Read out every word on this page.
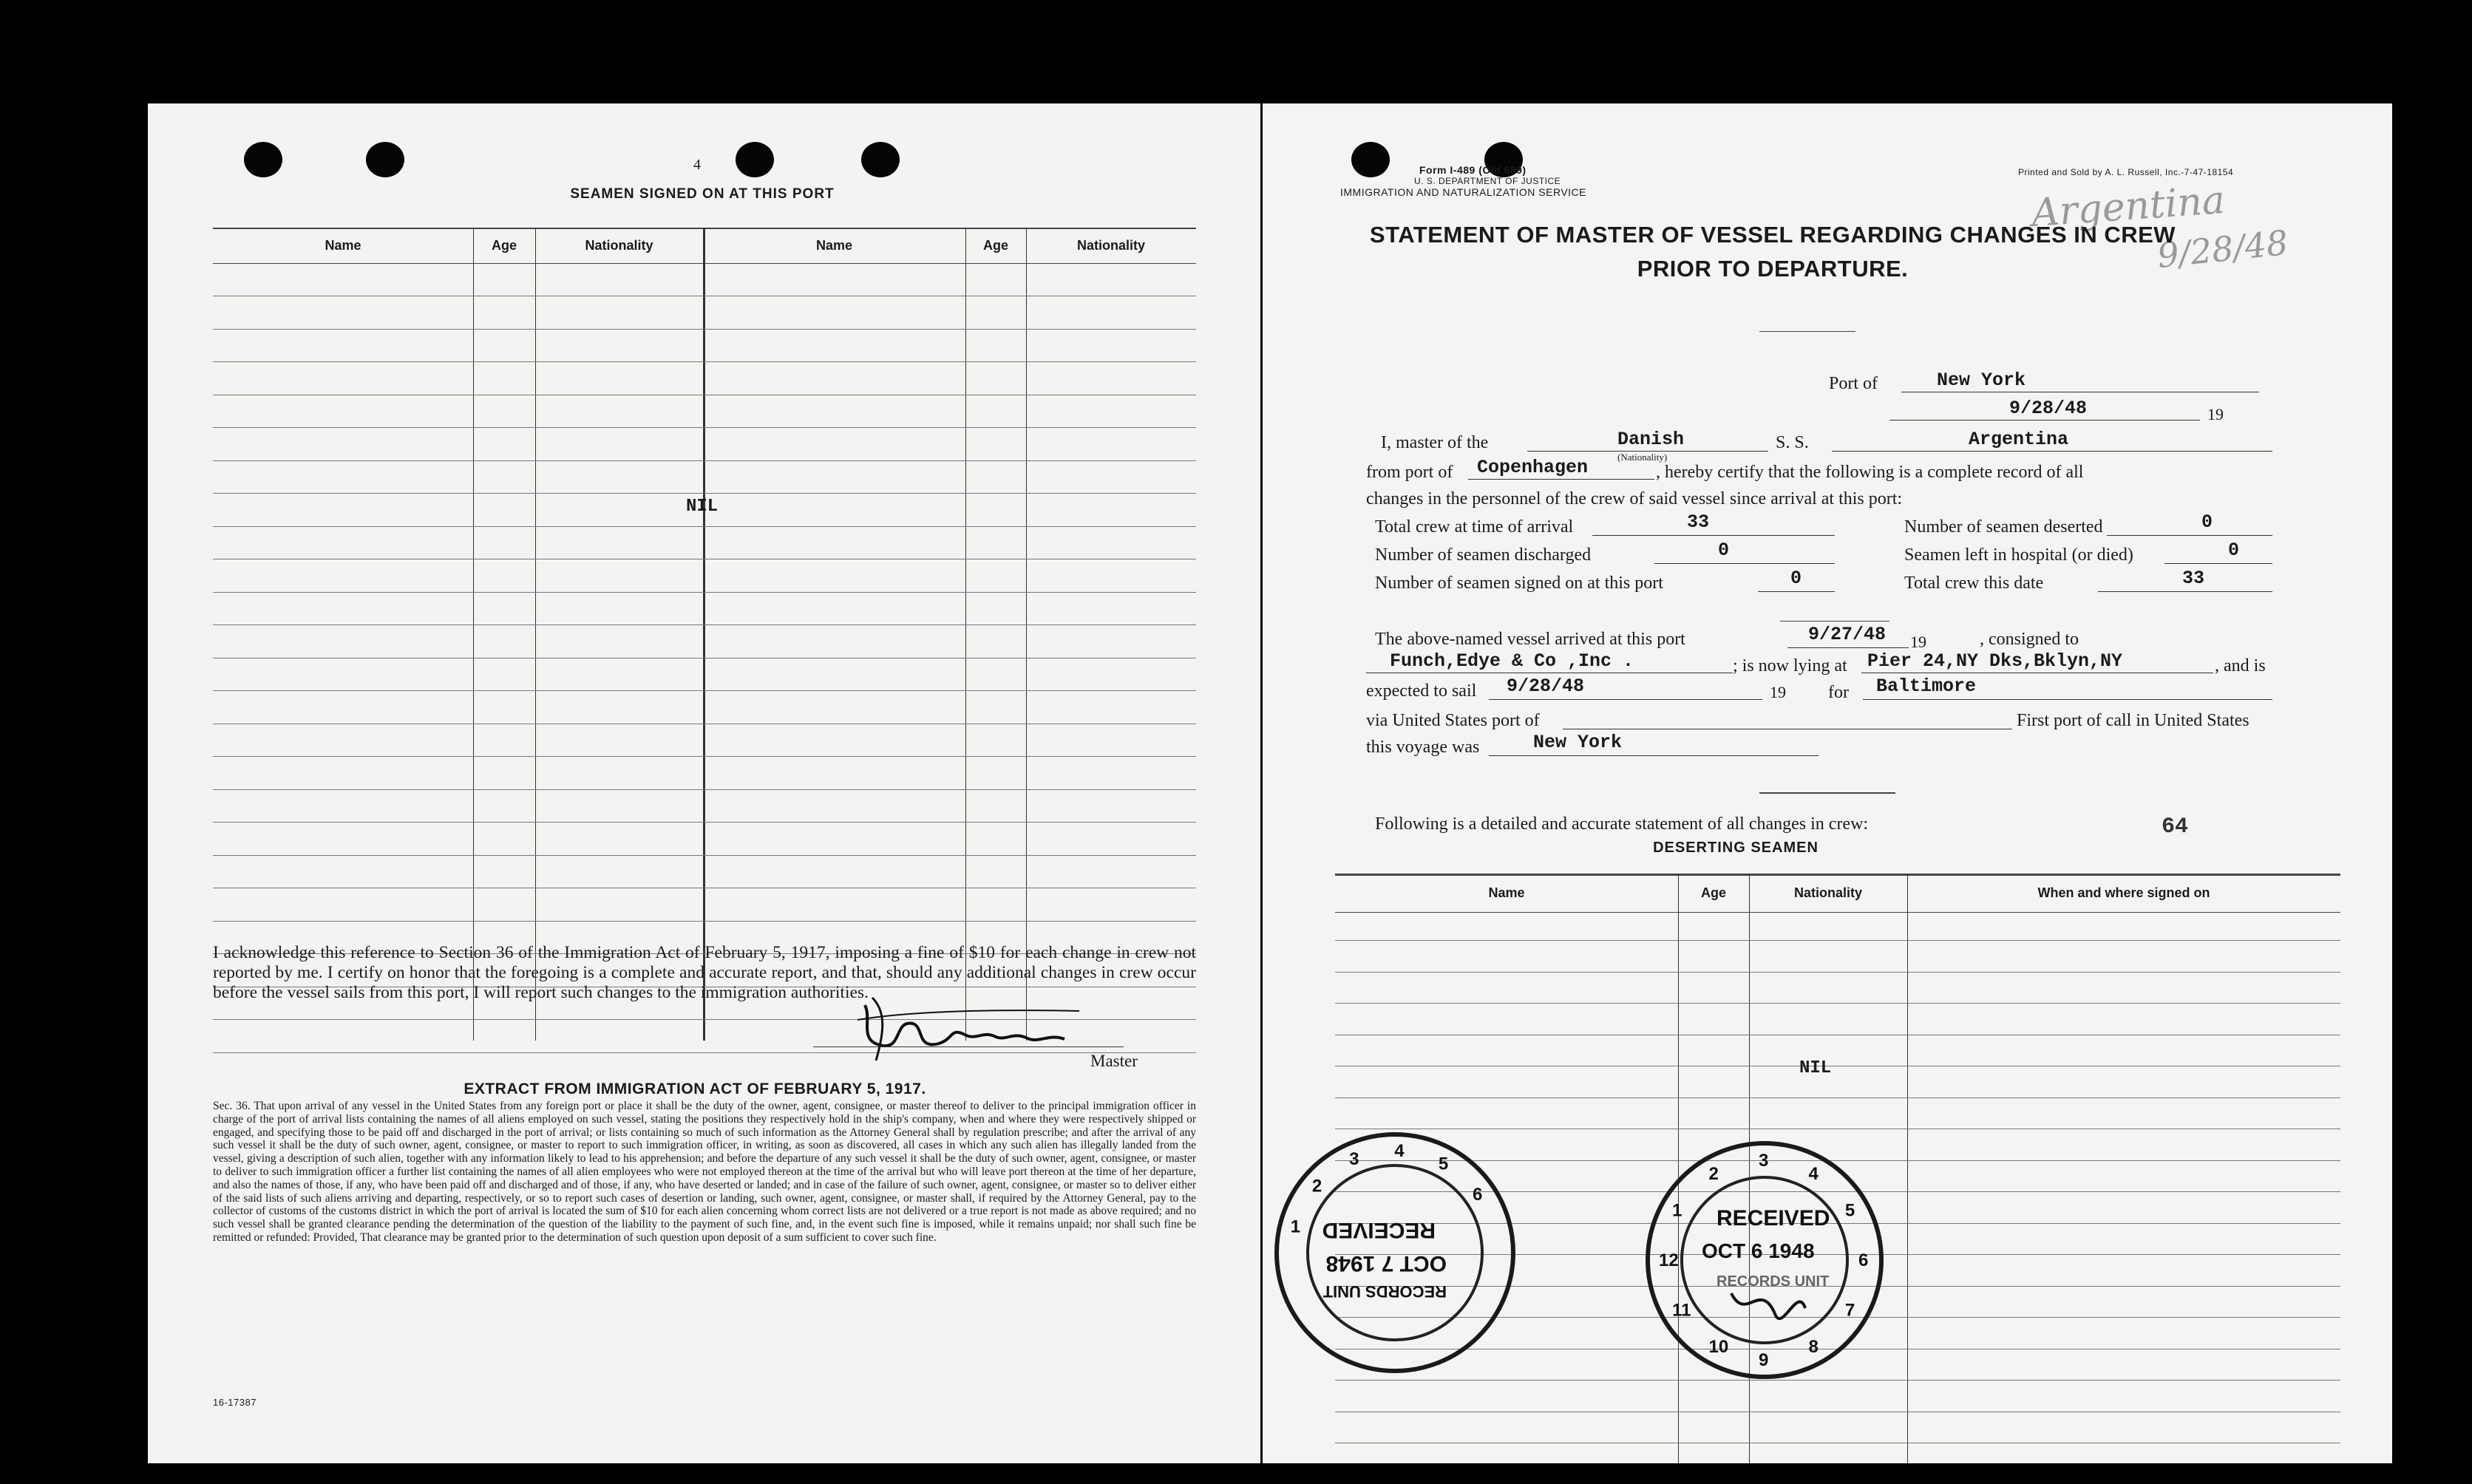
4
SEAMEN SIGNED ON AT THIS PORT
Name	Age	Nationality	Name	Age	Nationality
NIL
I acknowledge this reference to Section 36 of the Immigration Act of February 5, 1917, imposing a fine of $10 for each change in crew not reported by me. I certify on honor that the foregoing is a complete and accurate report, and that, should any additional changes in crew occur before the vessel sails from this port, I will report such changes to the immigration authorities.
Master
EXTRACT FROM IMMIGRATION ACT OF FEBRUARY 5, 1917.
Sec. 36. That upon arrival of any vessel in the United States from any foreign port or place it shall be the duty of the owner, agent, consignee, or master thereof to deliver to the principal immigration officer in charge of the port of arrival lists containing the names of all aliens employed on such vessel, stating the positions they respectively hold in the ship's company, when and where they were respectively shipped or engaged, and specifying those to be paid off and discharged in the port of arrival; or lists containing so much of such information as the Attorney General shall by regulation prescribe; and after the arrival of any such vessel it shall be the duty of such owner, agent, consignee, or master to report to such immigration officer, in writing, as soon as discovered, all cases in which any such alien has illegally landed from the vessel, giving a description of such alien, together with any information likely to lead to his apprehension; and before the departure of any such vessel it shall be the duty of such owner, agent, consignee, or master to deliver to such immigration officer a further list containing the names of all alien employees who were not employed thereon at the time of the arrival but who will leave port thereon at the time of her departure, and also the names of those, if any, who have been paid off and discharged and of those, if any, who have deserted or landed; and in case of the failure of such owner, agent, consignee, or master so to deliver either of the said lists of such aliens arriving and departing, respectively, or so to report such cases of desertion or landing, such owner, agent, consignee, or master shall, if required by the Attorney General, pay to the collector of customs of the customs district in which the port of arrival is located the sum of $10 for each alien concerning whom correct lists are not delivered or a true report is not made as above required; and no such vessel shall be granted clearance pending the determination of the question of the liability to the payment of such fine, and, in the event such fine is imposed, while it remains unpaid; nor shall such fine be remitted or refunded: Provided, That clearance may be granted prior to the determination of such question upon deposit of a sum sufficient to cover such fine.
16-17387
Form I-489 (Old 689)
U. S. DEPARTMENT OF JUSTICE
IMMIGRATION AND NATURALIZATION SERVICE
Printed and Sold by A. L. Russell, Inc.-7-47-18154
Argentina
9/28/48
STATEMENT OF MASTER OF VESSEL REGARDING CHANGES IN CREW
PRIOR TO DEPARTURE.
Port of	New York
9/28/48	19
I, master of the	Danish
(Nationality)
S. S.	Argentina
from port of Copenhagen	, hereby certify that the following is a complete record of all
changes in the personnel of the crew of said vessel since arrival at this port:
Total crew at time of arrival	33	Number of seamen deserted	0
Number of seamen discharged	0	Seamen left in hospital (or died)	0
Number of seamen signed on at this port	0	Total crew this date	33
The above-named vessel arrived at this port	9/27/48 19	, consigned to
Funch,Edye & Co ,Inc .	; is now lying at Pier 24,NY Dks,Bklyn,NY	, and is
expected to sail 9/28/48	19 for Baltimore
via United States port of	First port of call in United States
this voyage was	New York
Following is a detailed and accurate statement of all changes in crew:	64
DESERTING SEAMEN
Name	Age	Nationality	When and where signed on
NIL
1
2
3 4
5
6
RECORDS UNIT
OCT 7 1948
RECEIVED
1
2
3
4
5
6
7
8
9
10
11
12
RECEIVED
OCT 6 1948
RECORDS UNIT
